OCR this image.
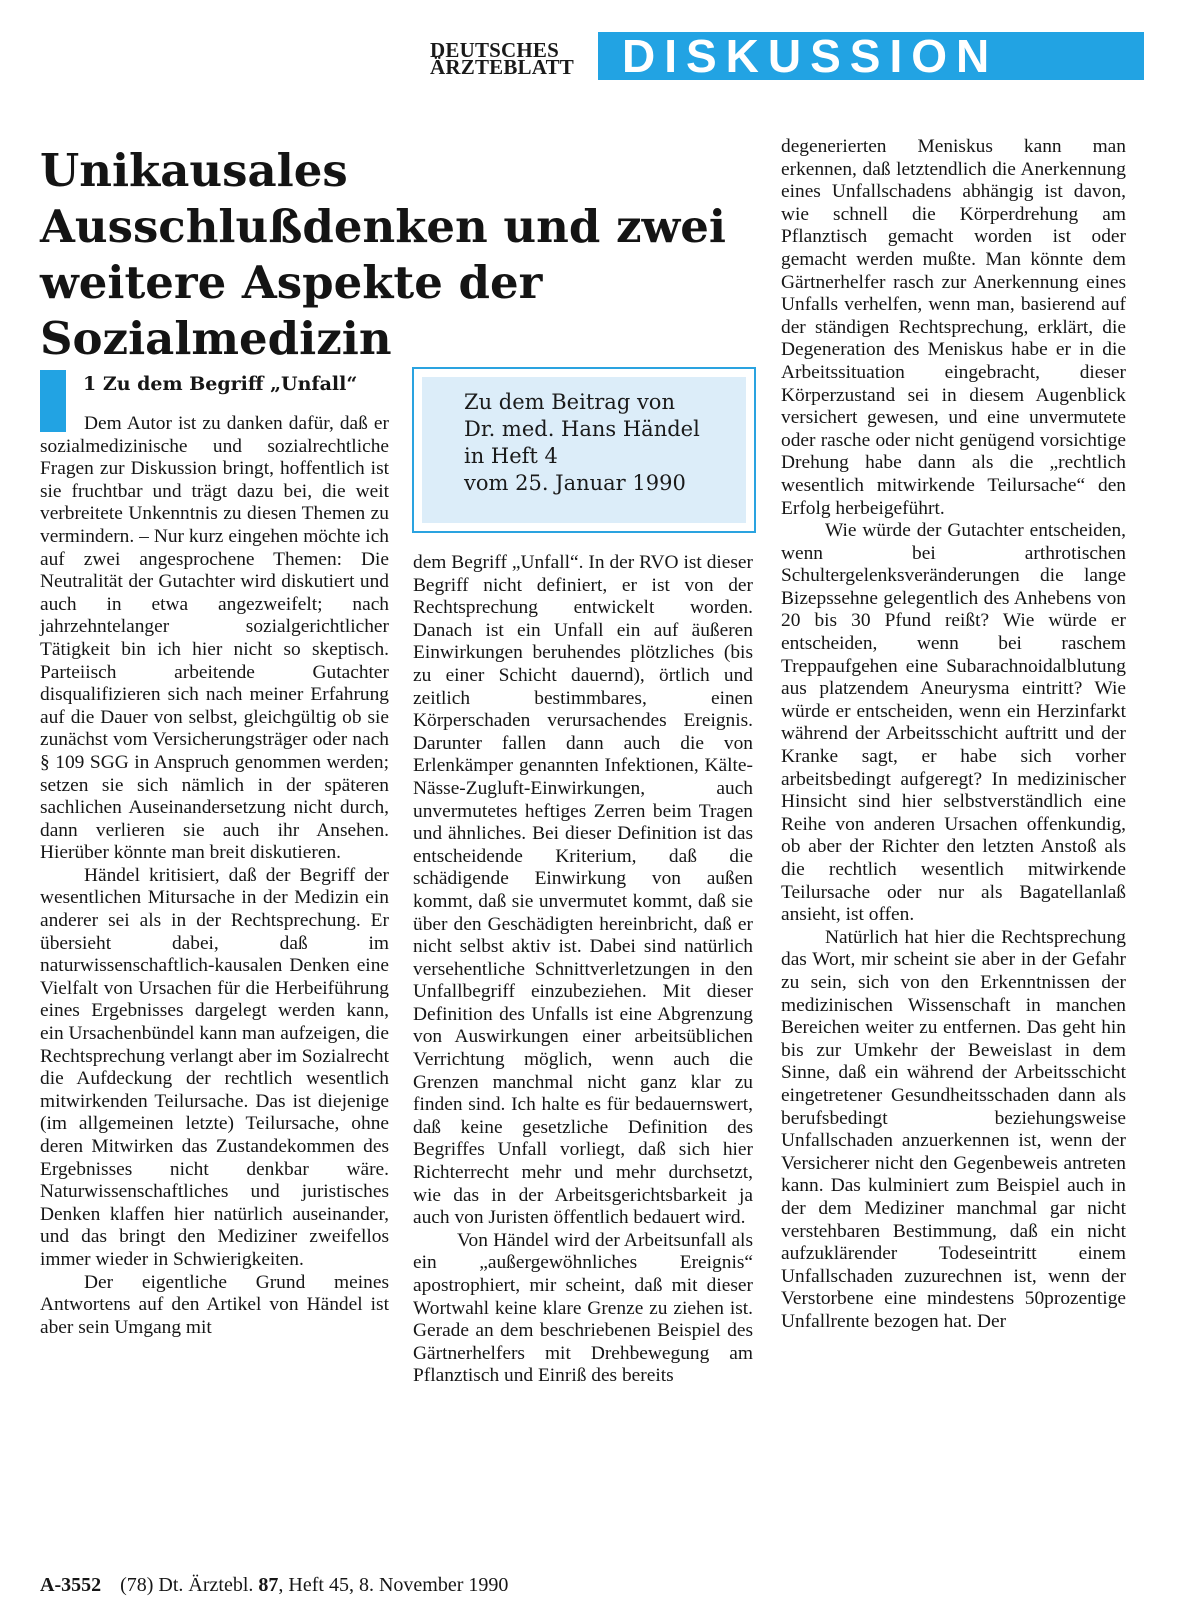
DEUTSCHES
ÄRZTEBLATT	DISKUSSION
Unikausales
Ausschlußdenken und zwei
weitere Aspekte der
Sozialmedizin
1 Zu dem Begriff „Unfall“

Dem Autor ist zu danken dafür, daß er sozialmedizinische und sozialrechtliche Fragen zur Diskussion bringt, hoffentlich ist sie fruchtbar und trägt dazu bei, die weit verbreitete Unkenntnis zu diesen Themen zu vermindern. – Nur kurz eingehen möchte ich auf zwei angesprochene Themen: Die Neutralität der Gutachter wird diskutiert und auch in etwa angezweifelt; nach jahrzehntelanger sozialgerichtlicher Tätigkeit bin ich hier nicht so skeptisch. Parteiisch arbeitende Gutachter disqualifizieren sich nach meiner Erfahrung auf die Dauer von selbst, gleichgültig ob sie zunächst vom Versicherungsträger oder nach § 109 SGG in Anspruch genommen werden; setzen sie sich nämlich in der späteren sachlichen Auseinandersetzung nicht durch, dann verlieren sie auch ihr Ansehen. Hierüber könnte man breit diskutieren.

Händel kritisiert, daß der Begriff der wesentlichen Mitursache in der Medizin ein anderer sei als in der Rechtsprechung. Er übersieht dabei, daß im naturwissenschaftlich-kausalen Denken eine Vielfalt von Ursachen für die Herbeiführung eines Ergebnisses dargelegt werden kann, ein Ursachenbündel kann man aufzeigen, die Rechtsprechung verlangt aber im Sozialrecht die Aufdeckung der rechtlich wesentlich mitwirkenden Teilursache. Das ist diejenige (im allgemeinen letzte) Teilursache, ohne deren Mitwirken das Zustandekommen des Ergebnisses nicht denkbar wäre. Naturwissenschaftliches und juristisches Denken klaffen hier natürlich auseinander, und das bringt den Mediziner zweifellos immer wieder in Schwierigkeiten.

Der eigentliche Grund meines Antwortens auf den Artikel von Händel ist aber sein Umgang mit

Zu dem Beitrag von
Dr. med. Hans Händel
in Heft 4
vom 25. Januar 1990

dem Begriff „Unfall“. In der RVO ist dieser Begriff nicht definiert, er ist von der Rechtsprechung entwickelt worden. Danach ist ein Unfall ein auf äußeren Einwirkungen beruhendes plötzliches (bis zu einer Schicht dauernd), örtlich und zeitlich bestimmbares, einen Körperschaden verursachendes Ereignis. Darunter fallen dann auch die von Erlenkämper genannten Infektionen, Kälte-Nässe-Zugluft-Einwirkungen, auch unvermutetes heftiges Zerren beim Tragen und ähnliches. Bei dieser Definition ist das entscheidende Kriterium, daß die schädigende Einwirkung von außen kommt, daß sie unvermutet kommt, daß sie über den Geschädigten hereinbricht, daß er nicht selbst aktiv ist. Dabei sind natürlich versehentliche Schnittverletzungen in den Unfallbegriff einzubeziehen. Mit dieser Definition des Unfalls ist eine Abgrenzung von Auswirkungen einer arbeitsüblichen Verrichtung möglich, wenn auch die Grenzen manchmal nicht ganz klar zu finden sind. Ich halte es für bedauernswert, daß keine gesetzliche Definition des Begriffes Unfall vorliegt, daß sich hier Richterrecht mehr und mehr durchsetzt, wie das in der Arbeitsgerichtsbarkeit ja auch von Juristen öffentlich bedauert wird.

Von Händel wird der Arbeitsunfall als ein „außergewöhnliches Ereignis“ apostrophiert, mir scheint, daß mit dieser Wortwahl keine klare Grenze zu ziehen ist. Gerade an dem beschriebenen Beispiel des Gärtnerhelfers mit Drehbewegung am Pflanztisch und Einriß des bereits

degenerierten Meniskus kann man erkennen, daß letztendlich die Anerkennung eines Unfallschadens abhängig ist davon, wie schnell die Körperdrehung am Pflanztisch gemacht worden ist oder gemacht werden mußte. Man könnte dem Gärtnerhelfer rasch zur Anerkennung eines Unfalls verhelfen, wenn man, basierend auf der ständigen Rechtsprechung, erklärt, die Degeneration des Meniskus habe er in die Arbeitssituation eingebracht, dieser Körperzustand sei in diesem Augenblick versichert gewesen, und eine unvermutete oder rasche oder nicht genügend vorsichtige Drehung habe dann als die „rechtlich wesentlich mitwirkende Teilursache“ den Erfolg herbeigeführt.

Wie würde der Gutachter entscheiden, wenn bei arthrotischen Schultergelenksveränderungen die lange Bizepssehne gelegentlich des Anhebens von 20 bis 30 Pfund reißt? Wie würde er entscheiden, wenn bei raschem Treppaufgehen eine Subarachnoidalblutung aus platzendem Aneurysma eintritt? Wie würde er entscheiden, wenn ein Herzinfarkt während der Arbeitsschicht auftritt und der Kranke sagt, er habe sich vorher arbeitsbedingt aufgeregt? In medizinischer Hinsicht sind hier selbstverständlich eine Reihe von anderen Ursachen offenkundig, ob aber der Richter den letzten Anstoß als die rechtlich wesentlich mitwirkende Teilursache oder nur als Bagatellanlaß ansieht, ist offen.

Natürlich hat hier die Rechtsprechung das Wort, mir scheint sie aber in der Gefahr zu sein, sich von den Erkenntnissen der medizinischen Wissenschaft in manchen Bereichen weiter zu entfernen. Das geht hin bis zur Umkehr der Beweislast in dem Sinne, daß ein während der Arbeitsschicht eingetretener Gesundheitsschaden dann als berufsbedingt beziehungsweise Unfallschaden anzuerkennen ist, wenn der Versicherer nicht den Gegenbeweis antreten kann. Das kulminiert zum Beispiel auch in der dem Mediziner manchmal gar nicht verstehbaren Bestimmung, daß ein nicht aufzuklärender Todeseintritt einem Unfallschaden zuzurechnen ist, wenn der Verstorbene eine mindestens 50prozentige Unfallrente bezogen hat. Der

A-3552 (78) Dt. Ärztebl. 87, Heft 45, 8. November 1990
